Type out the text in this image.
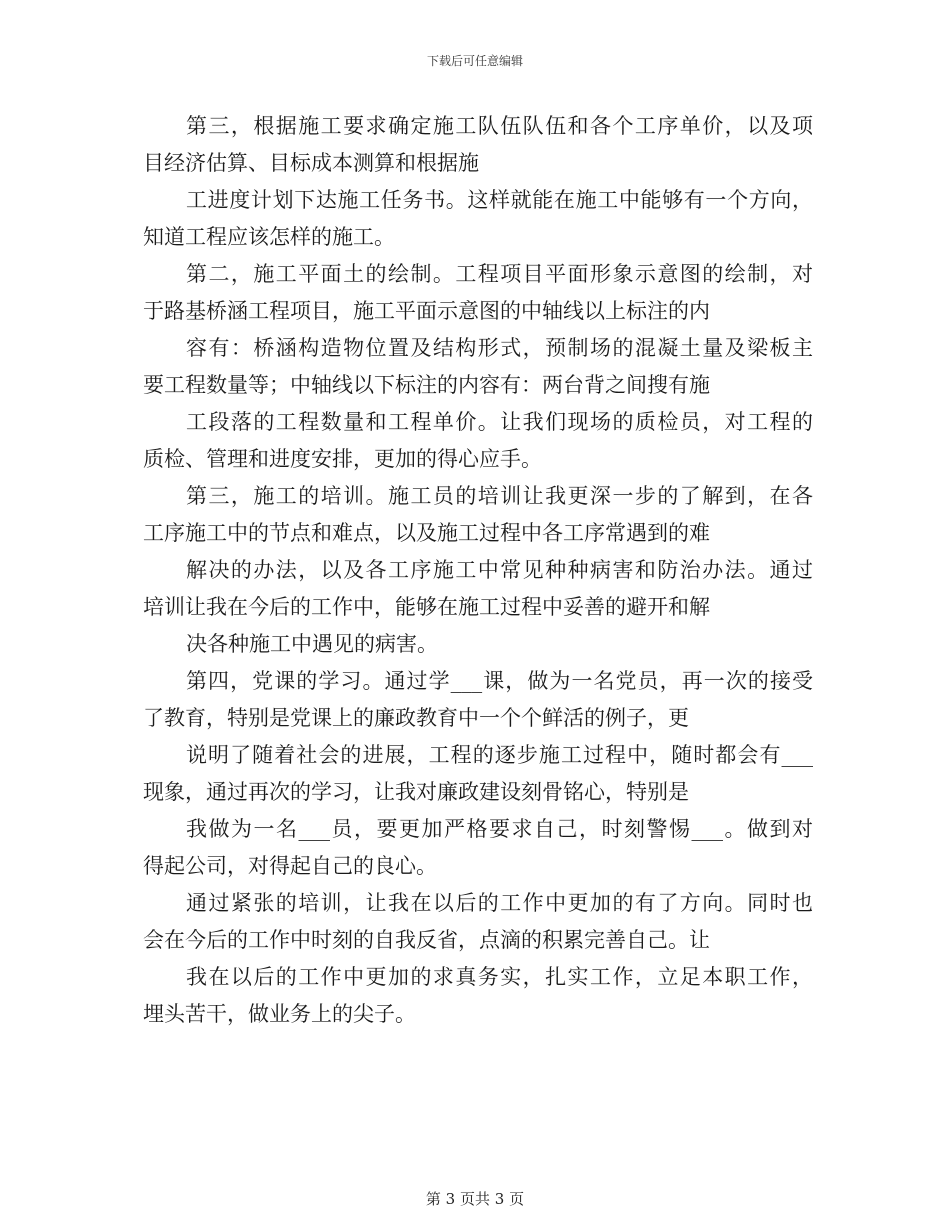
下载后可任意编辑
第三，根据施工要求确定施工队伍队伍和各个工序单价，以及项
目经济估算、目标成本测算和根据施
工进度计划下达施工任务书。这样就能在施工中能够有一个方向，
知道工程应该怎样的施工。
第二，施工平面土的绘制。工程项目平面形象示意图的绘制，对
于路基桥涵工程项目，施工平面示意图的中轴线以上标注的内
容有：桥涵构造物位置及结构形式，预制场的混凝土量及梁板主
要工程数量等；中轴线以下标注的内容有：两台背之间搜有施
工段落的工程数量和工程单价。让我们现场的质检员，对工程的
质检、管理和进度安排，更加的得心应手。
第三，施工的培训。施工员的培训让我更深一步的了解到，在各
工序施工中的节点和难点，以及施工过程中各工序常遇到的难
解决的办法，以及各工序施工中常见种种病害和防治办法。通过
培训让我在今后的工作中，能够在施工过程中妥善的避开和解
决各种施工中遇见的病害。
第四，党课的学习。通过学___课，做为一名党员，再一次的接受
了教育，特别是党课上的廉政教育中一个个鲜活的例子，更
说明了随着社会的进展，工程的逐步施工过程中，随时都会有___
现象，通过再次的学习，让我对廉政建设刻骨铭心，特别是
我做为一名___员，要更加严格要求自己，时刻警惕___。做到对
得起公司，对得起自己的良心。
通过紧张的培训，让我在以后的工作中更加的有了方向。同时也
会在今后的工作中时刻的自我反省，点滴的积累完善自己。让
我在以后的工作中更加的求真务实，扎实工作，立足本职工作，
埋头苦干，做业务上的尖子。
第 3 页共 3 页
